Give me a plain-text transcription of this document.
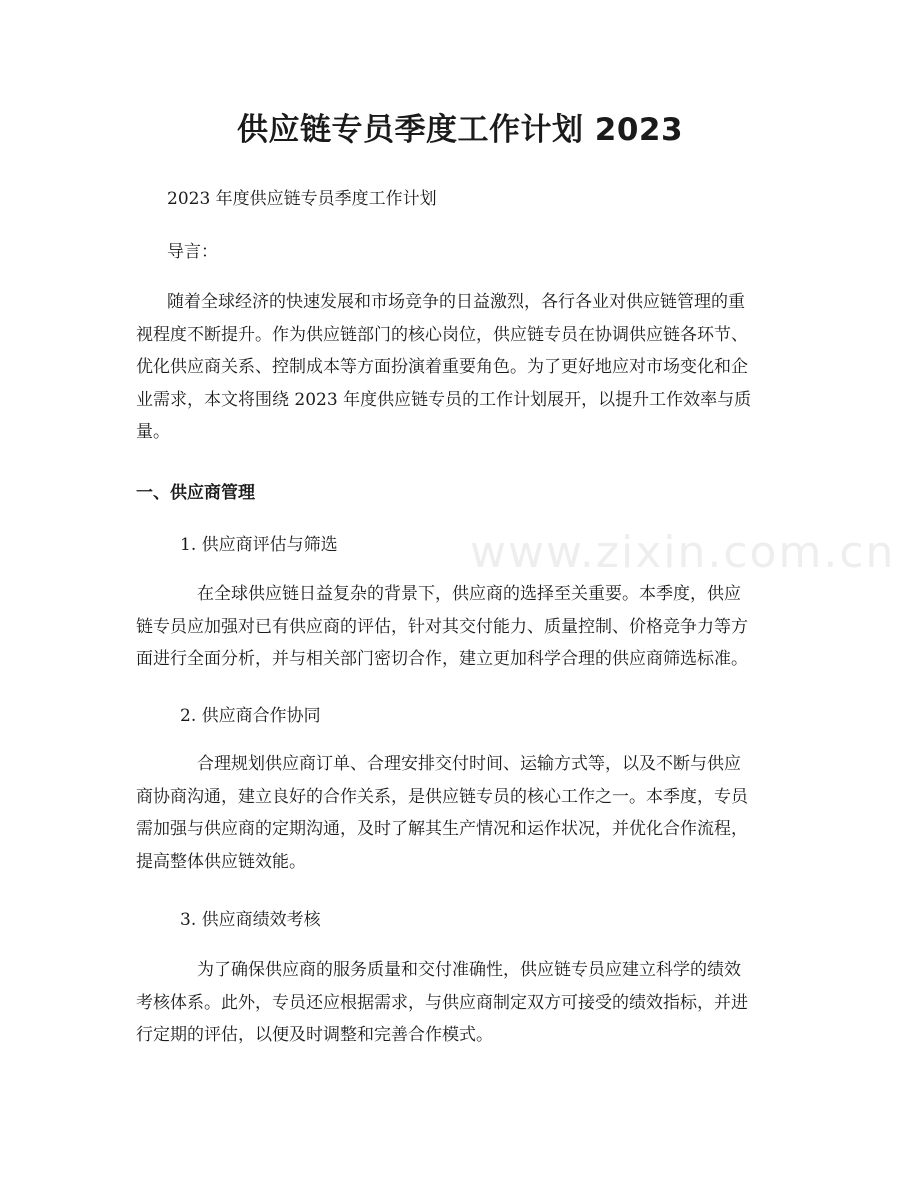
供应链专员季度工作计划 2023

2023 年度供应链专员季度工作计划

导言：

随着全球经济的快速发展和市场竞争的日益激烈，各行各业对供应链管理的重
视程度不断提升。作为供应链部门的核心岗位，供应链专员在协调供应链各环节、
优化供应商关系、控制成本等方面扮演着重要角色。为了更好地应对市场变化和企
业需求，本文将围绕 2023 年度供应链专员的工作计划展开，以提升工作效率与质
量。
一、供应商管理

1. 供应商评估与筛选

在全球供应链日益复杂的背景下，供应商的选择至关重要。本季度，供应
链专员应加强对已有供应商的评估，针对其交付能力、质量控制、价格竞争力等方
面进行全面分析，并与相关部门密切合作，建立更加科学合理的供应商筛选标准。

2. 供应商合作协同

合理规划供应商订单、合理安排交付时间、运输方式等，以及不断与供应
商协商沟通，建立良好的合作关系，是供应链专员的核心工作之一。本季度，专员
需加强与供应商的定期沟通，及时了解其生产情况和运作状况，并优化合作流程，
提高整体供应链效能。

3. 供应商绩效考核

为了确保供应商的服务质量和交付准确性，供应链专员应建立科学的绩效
考核体系。此外，专员还应根据需求，与供应商制定双方可接受的绩效指标，并进
行定期的评估，以便及时调整和完善合作模式。
www.zixin.com.cn
